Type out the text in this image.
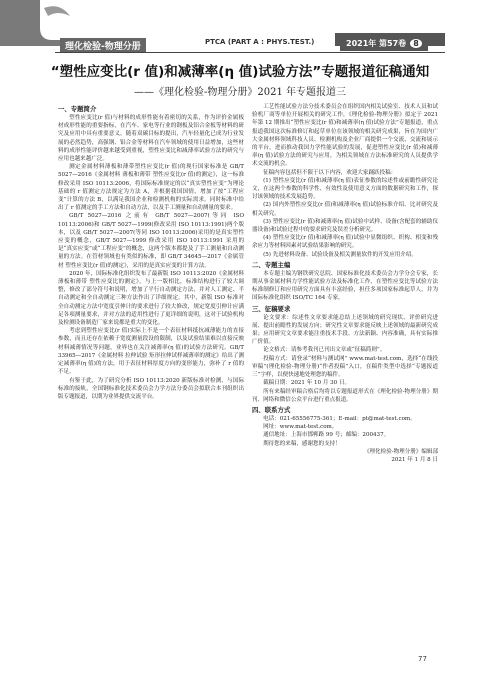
理化检验-物理分册	PTCA (PART A : PHYS.TEST.)	2021年 第57卷 8
“塑性应变比(r 值)和减薄率(η 值)试验方法”专题报道征稿通知
——《理化检验-物理分册》2021 年专题报道三
一、专题简介

塑性应变比(r 值)与材料的成形性能有着密切的关系，作为评价金属板材成形性能的重要指标，在汽车、家电等行业的钢板及铝合金板等材料的研究及应用中具有重要意义。随着双碳目标的提出，汽车轻量化已成为行业发展的必然趋势，高强钢、铝合金等材料在汽车领域的使用日益增加，这些材料的成形性能评价越来越受到重视，塑性应变比和减薄率试验方法的研究与应用也越来越广泛。

测定金属材料薄板和薄带塑性应变比(r 值)的现行国家标准是 GB/T 5027—2016《金属材料 薄板和薄带 塑性应变比(r 值)的测定》，这一标准修改采用 ISO 10113:2006，将国际标准规定的以“真实塑性应变”为理论基础的 r 值测定方法规定为方法 A，并根据我国国情，增加了按“工程应变”计算的方法 B，以满足我国企业和检测机构的实际需求。同时标准中给出了 r 值测定的手工方法和自动方法，以及手工测量和自动测量的要求。

GB/T 5027—2016 之前有 GB/T 5027—2007(等同 ISO 10113:2006)和 GB/T 5027—1999(修改采用 ISO 10113:1991)两个版本，以及 GB/T 5027—2007(等同 ISO 10113:2006)采用的是真实塑性应变的概念，GB/T 5027—1999 修改采用 ISO 10113:1991 采用的是“真实应变”或“工程应变”的概念，这两个版本都提及了手工测量和自动测量的方法。在管材领域也有类似的标准，即 GB/T 34645—2017《金属管材 塑性应变比(r 值)的测定》，采用的是真实应变的计算方法。

2020 年，国际标准化组织发布了最新版 ISO 10113:2020《金属材料 薄板和薄带 塑性应变比的测定》，与上一版相比，标准结构进行了较大调整，修改了部分符号和说明，增加了平行自动测定方法，并对人工测定、半自动测定和全自动测定三种方法作出了详细规定。其中，新版 ISO 标准对全自动测定方法中宽度引伸计的要求进行了较大修改，规定宽度引伸计应满足各项测量要求，并对方法的适用性进行了更详细的说明，这对于试验机构及检测设备制造厂家来说都是重大的变化。

考虑到塑性应变比(r 值)实际上不是一个表征材料抵抗减薄能力的直接参数，而且还存在依赖于宽度测量段设的限制，以及试验结果难以直接反映材料减薄情况等问题，业界也在关注减薄率(η 值)的试验方法研究。GB/T 33965—2017《金属材料 拉伸试验 矩形拉伸试样减薄率的测定》给出了测定减薄率(η 值)的方法，用于表征材料厚度方向的变形能力，弥补了 r 值的不足。

有鉴于此，为了研究分析 ISO 10113:2020 新版标准对检测、与国际标准的接轨，全国钢标准化技术委员会力学方法分委员会拟联合本刊组织出版专题报道，以期为业界提供交流平台。

工艺性能试验方法分技术委员会在组织国内相关试验室、技术人员和试验机厂商等单位开展相关的研究工作，《理化检验-物理分册》拟定于 2021 年第 12 期推出“塑性应变比(r 值)和减薄率(η 值)试验方法”专题报道，重点报道我国这次标准修订和起草单位在该领域的相关研究成果，旨在为国内广大金属材料领域科技人员、检测机构及企业厂商提供一个交流、交流和展示的平台，进而推动我国力学性能试验的发展，促进塑性应变比(r 值)和减薄率(η 值)试验方法的研究与应用，为相关领域在方法标准研究的人员提供学术交流的机会。

征稿内容包括但不限于以下内容，欢迎大家踊跃投稿：

(1) 塑性应变比(r 值)和减薄率(η 值)表征参数的综述性或前瞻性研究论文，在这两个参数的科学性、有效性及使用意义方面的数据研究和工作，探讨该领域的技术发展趋势。

(2) 国内外塑性应变比(r 值)和减薄率(η 值)试验标准介绍、比对研究及相关研究。

(3) 塑性应变比(r 值)和减薄率(η 值)试验中试样、设备(含配套的辅助仪器设备)和试验过程中的要求研究及误差分析研究。

(4) 塑性应变比(r 值)和减薄率(η 值)试验中显微组织、织构、相变和残余应力等材料因素对试验结果影响的研究。

(5) 先进材料设备、试验设备及相关测量软件的开发应用介绍。

二、专题主编

本专题主编为钢铁研究总院、国家标准化技术委员会力学分会专家，长期从事金属材料力学性能试验方法及标准化工作，在塑性应变比等试验方法标准制修订和应用研究方面具有丰富经验，担任多项国家标准起草人，并为国际标准化组织 ISO/TC 164 专家。

三、征稿要求

论文要求：综述性文章要求能总结上述领域的研究现状、评价研究进展、提出前瞻性的发展方向；研究性文章要求能反映上述领域的最新研究成果；应用研究文章要求能注重技术手段、方法新颖、内容准确，具有实际推广价值。

论文格式：请参考我刊已刊出文章或“征稿简则”。

投稿方式：请登录“材料与测试网” www.mat-test.com，选择“在线投审稿”(理化检验-物理分册)“作者投稿”入口，在稿件类型中选择“专题报道三”字样，以便快速地处理您的稿件。

截稿日期：2021 年 10 月 30 日。

所有来稿经审稿合格后均将以专题报道形式在《理化检验-物理分册》期刊、网络和微信公众平台进行重点报道。

四、联系方式

电话：021-65556775-361；E-mail：pt@mat-test.com。

网址：www.mat-test.com。

通信地址：上海市邯郸路 99 号；邮编：200437。

期待您的来稿，感谢您的支持！

《理化检验-物理分册》编辑部

2021 年 1 月 8 日

77
